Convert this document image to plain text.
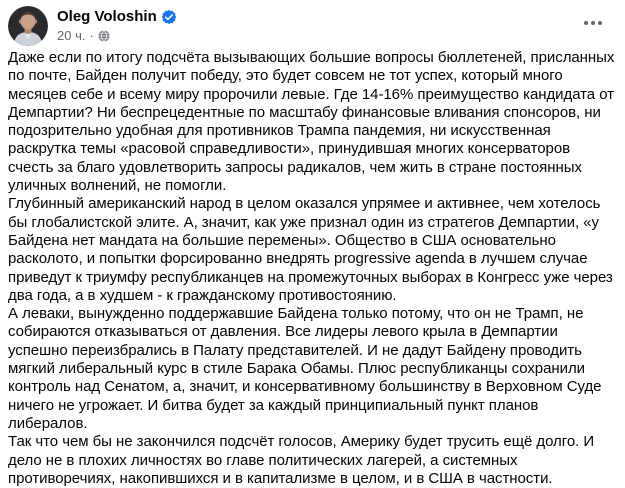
Oleg Voloshin
20 ч. ·

Даже если по итогу подсчёта вызывающих большие вопросы бюллетеней, присланных по почте, Байден получит победу, это будет совсем не тот успех, который много месяцев себе и всему миру пророчили левые. Где 14-16% преимущество кандидата от Демпартии? Ни беспрецедентные по масштабу финансовые вливания спонсоров, ни подозрительно удобная для противников Трампа пандемия, ни искусственная раскрутка темы «расовой справедливости», принудившая многих консерваторов счесть за благо удовлетворить запросы радикалов, чем жить в стране постоянных уличных волнений, не помогли.

Глубинный американский народ в целом оказался упрямее и активнее, чем хотелось бы глобалистской элите. А, значит, как уже признал один из стратегов Демпартии, «у Байдена нет мандата на большие перемены». Общество в США основательно расколото, и попытки форсированно внедрять progressive agenda в лучшем случае приведут к триумфу республиканцев на промежуточных выборах в Конгресс уже через два года, а в худшем - к гражданскому противостоянию.

А леваки, вынужденно поддержавшие Байдена только потому, что он не Трамп, не собираются отказываться от давления. Все лидеры левого крыла в Демпартии успешно переизбрались в Палату представителей. И не дадут Байдену проводить мягкий либеральный курс в стиле Барака Обамы. Плюс республиканцы сохранили контроль над Сенатом, а, значит, и консервативному большинству в Верховном Суде ничего не угрожает. И битва будет за каждый принципиальный пункт планов либералов.

Так что чем бы не закончился подсчёт голосов, Америку будет трусить ещё долго. И дело не в плохих личностях во главе политических лагерей, а системных противоречиях, накопившихся и в капитализме в целом, и в США в частности.
